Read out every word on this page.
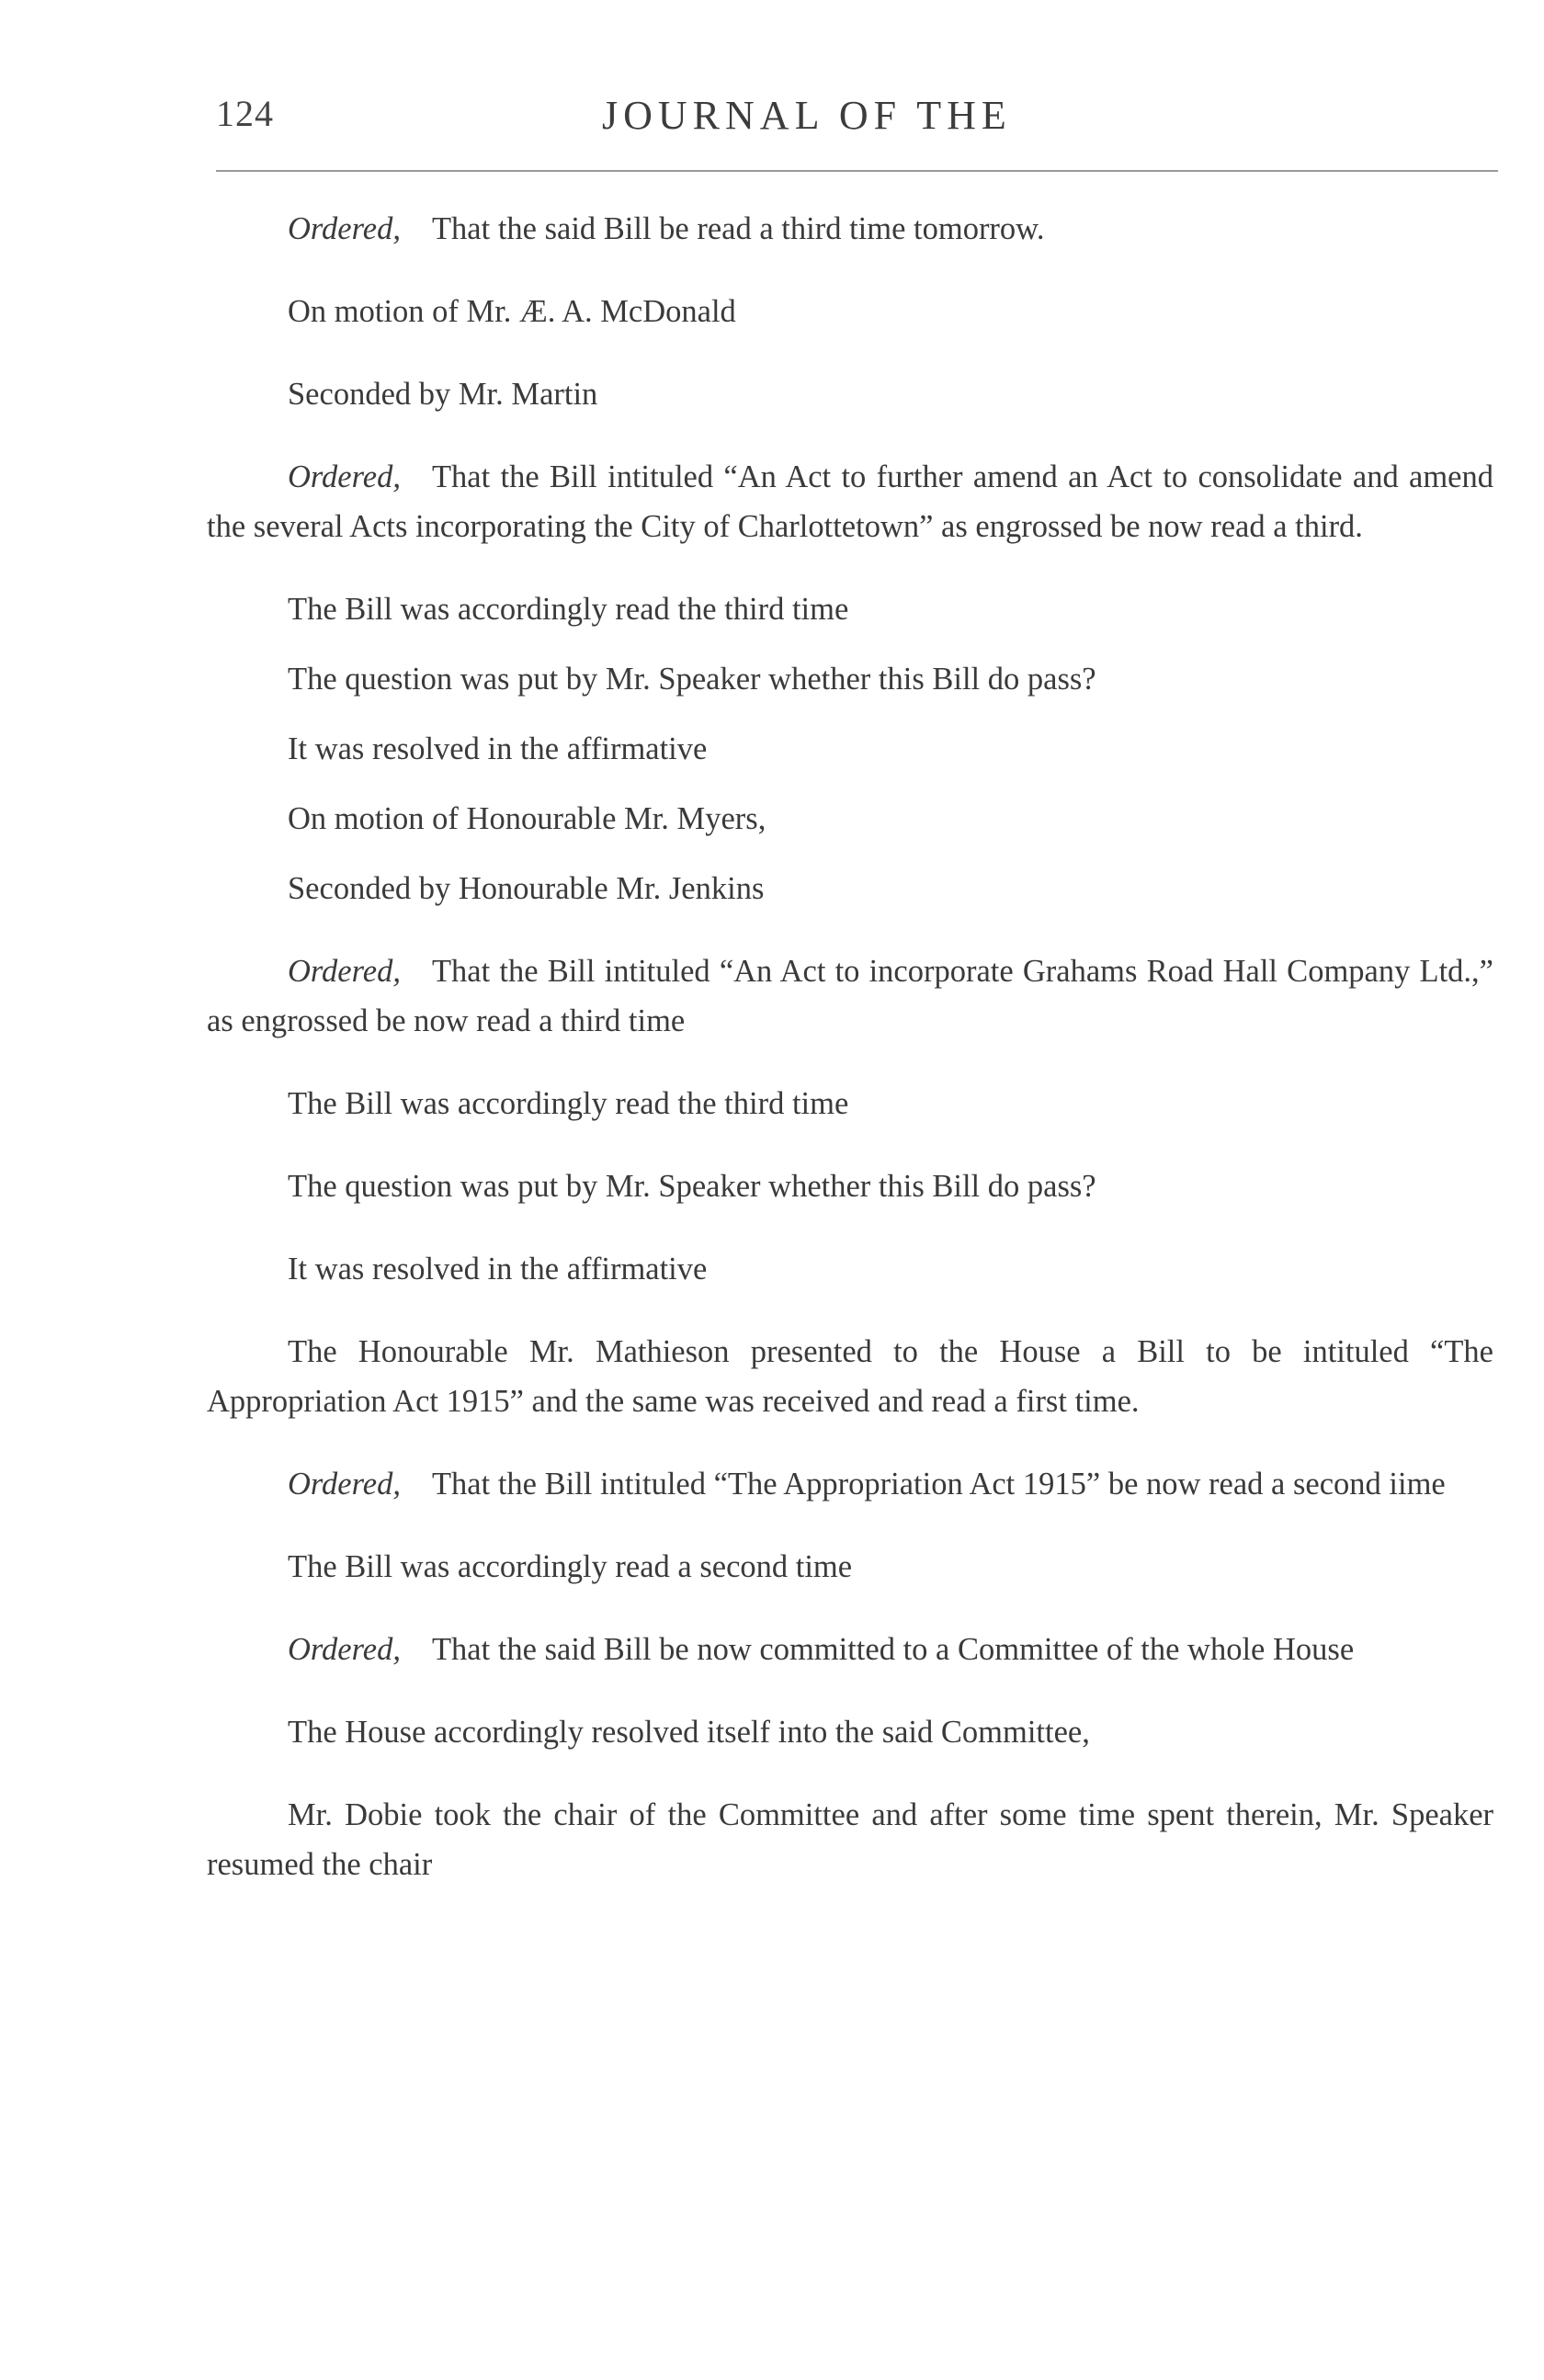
124	JOURNAL OF THE

Ordered, That the said Bill be read a third time tomorrow.

On motion of Mr. Æ. A. McDonald

Seconded by Mr. Martin

Ordered, That the Bill intituled “An Act to further amend an Act to consolidate and amend the several Acts incorporating the City of Charlottetown” as engrossed be now read a third.

The Bill was accordingly read the third time

The question was put by Mr. Speaker whether this Bill do pass?

It was resolved in the affirmative

On motion of Honourable Mr. Myers,

Seconded by Honourable Mr. Jenkins

Ordered, That the Bill intituled “An Act to incorporate Grahams Road Hall Company Ltd.,” as engrossed be now read a third time

The Bill was accordingly read the third time

The question was put by Mr. Speaker whether this Bill do pass?

It was resolved in the affirmative

The Honourable Mr. Mathieson presented to the House a Bill to be intituled “The Appropriation Act 1915” and the same was received and read a first time.

Ordered, That the Bill intituled “The Appropriation Act 1915” be now read a second iime

The Bill was accordingly read a second time

Ordered, That the said Bill be now committed to a Committee of the whole House

The House accordingly resolved itself into the said Committee,

Mr. Dobie took the chair of the Committee and after some time spent therein, Mr. Speaker resumed the chair
